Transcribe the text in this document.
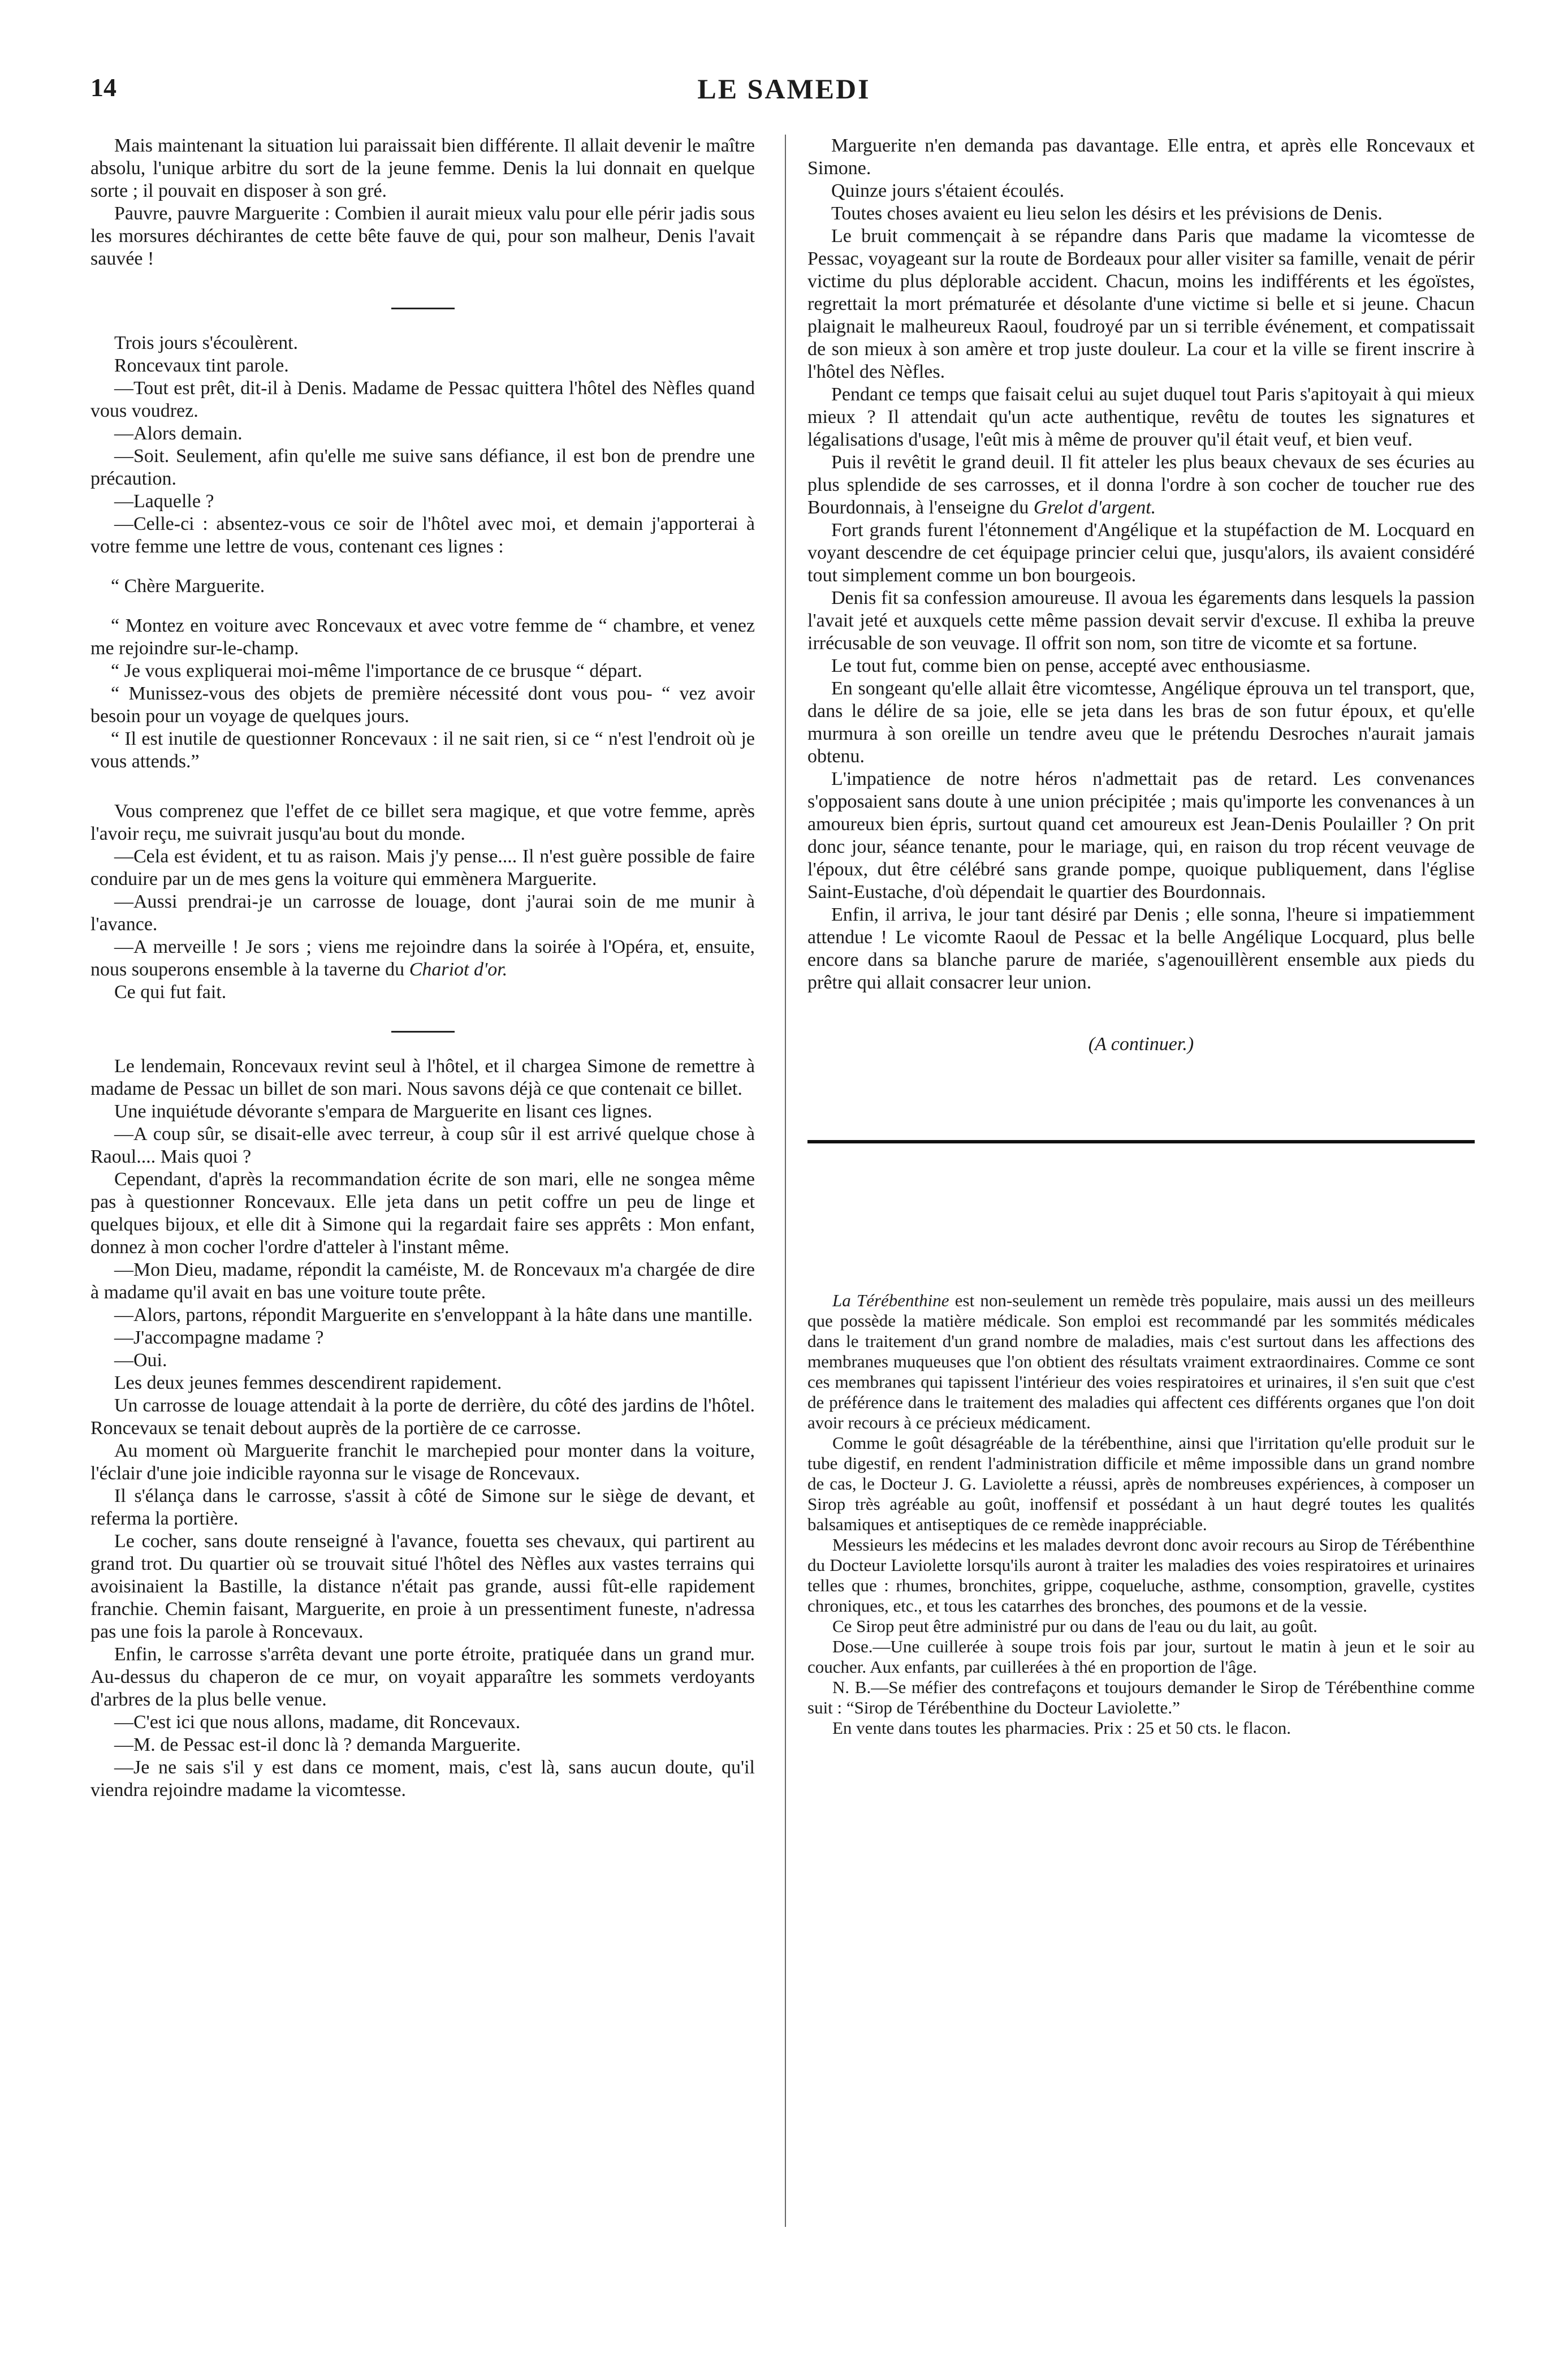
14	LE SAMEDI

Mais maintenant la situation lui paraissait bien différente. Il allait devenir le maître absolu, l'unique arbitre du sort de la jeune femme. Denis la lui donnait en quelque sorte ; il pouvait en disposer à son gré.

Pauvre, pauvre Marguerite : Combien il aurait mieux valu pour elle périr jadis sous les morsures déchirantes de cette bête fauve de qui, pour son malheur, Denis l'avait sauvée !

Trois jours s'écoulèrent.

Roncevaux tint parole.

—Tout est prêt, dit-il à Denis. Madame de Pessac quittera l'hôtel des Nèfles quand vous voudrez.

—Alors demain.

—Soit. Seulement, afin qu'elle me suive sans défiance, il est bon de prendre une précaution.

—Laquelle ?

—Celle-ci : absentez-vous ce soir de l'hôtel avec moi, et demain j'apporterai à votre femme une lettre de vous, contenant ces lignes :

“ Chère Marguerite.

“ Montez en voiture avec Roncevaux et avec votre femme de “ chambre, et venez me rejoindre sur-le-champ.

“ Je vous expliquerai moi-même l'importance de ce brusque “ départ.

“ Munissez-vous des objets de première nécessité dont vous pou- “ vez avoir besoin pour un voyage de quelques jours.

“ Il est inutile de questionner Roncevaux : il ne sait rien, si ce “ n'est l'endroit où je vous attends.”

Vous comprenez que l'effet de ce billet sera magique, et que votre femme, après l'avoir reçu, me suivrait jusqu'au bout du monde.

—Cela est évident, et tu as raison. Mais j'y pense.... Il n'est guère possible de faire conduire par un de mes gens la voiture qui emmènera Marguerite.

—Aussi prendrai-je un carrosse de louage, dont j'aurai soin de me munir à l'avance.

—A merveille ! Je sors ; viens me rejoindre dans la soirée à l'Opéra, et, ensuite, nous souperons ensemble à la taverne du Chariot d'or.

Ce qui fut fait.

Le lendemain, Roncevaux revint seul à l'hôtel, et il chargea Simone de remettre à madame de Pessac un billet de son mari. Nous savons déjà ce que contenait ce billet.

Une inquiétude dévorante s'empara de Marguerite en lisant ces lignes.

—A coup sûr, se disait-elle avec terreur, à coup sûr il est arrivé quelque chose à Raoul.... Mais quoi ?

Cependant, d'après la recommandation écrite de son mari, elle ne songea même pas à questionner Roncevaux. Elle jeta dans un petit coffre un peu de linge et quelques bijoux, et elle dit à Simone qui la regardait faire ses apprêts : Mon enfant, donnez à mon cocher l'ordre d'atteler à l'instant même.

—Mon Dieu, madame, répondit la caméiste, M. de Roncevaux m'a chargée de dire à madame qu'il avait en bas une voiture toute prête.

—Alors, partons, répondit Marguerite en s'enveloppant à la hâte dans une mantille.

—J'accompagne madame ?

—Oui.

Les deux jeunes femmes descendirent rapidement.

Un carrosse de louage attendait à la porte de derrière, du côté des jardins de l'hôtel. Roncevaux se tenait debout auprès de la portière de ce carrosse.

Au moment où Marguerite franchit le marchepied pour monter dans la voiture, l'éclair d'une joie indicible rayonna sur le visage de Roncevaux.

Il s'élança dans le carrosse, s'assit à côté de Simone sur le siège de devant, et referma la portière.

Le cocher, sans doute renseigné à l'avance, fouetta ses chevaux, qui partirent au grand trot. Du quartier où se trouvait situé l'hôtel des Nèfles aux vastes terrains qui avoisinaient la Bastille, la distance n'était pas grande, aussi fût-elle rapidement franchie. Chemin faisant, Marguerite, en proie à un pressentiment funeste, n'adressa pas une fois la parole à Roncevaux.

Enfin, le carrosse s'arrêta devant une porte étroite, pratiquée dans un grand mur. Au-dessus du chaperon de ce mur, on voyait apparaître les sommets verdoyants d'arbres de la plus belle venue.

—C'est ici que nous allons, madame, dit Roncevaux.

—M. de Pessac est-il donc là ? demanda Marguerite.

—Je ne sais s'il y est dans ce moment, mais, c'est là, sans aucun doute, qu'il viendra rejoindre madame la vicomtesse.

Marguerite n'en demanda pas davantage. Elle entra, et après elle Roncevaux et Simone.

Quinze jours s'étaient écoulés.

Toutes choses avaient eu lieu selon les désirs et les prévisions de Denis.

Le bruit commençait à se répandre dans Paris que madame la vicomtesse de Pessac, voyageant sur la route de Bordeaux pour aller visiter sa famille, venait de périr victime du plus déplorable accident. Chacun, moins les indifférents et les égoïstes, regrettait la mort prématurée et désolante d'une victime si belle et si jeune. Chacun plaignait le malheureux Raoul, foudroyé par un si terrible événement, et compatissait de son mieux à son amère et trop juste douleur. La cour et la ville se firent inscrire à l'hôtel des Nèfles.

Pendant ce temps que faisait celui au sujet duquel tout Paris s'apitoyait à qui mieux mieux ? Il attendait qu'un acte authentique, revêtu de toutes les signatures et légalisations d'usage, l'eût mis à même de prouver qu'il était veuf, et bien veuf.

Puis il revêtit le grand deuil. Il fit atteler les plus beaux chevaux de ses écuries au plus splendide de ses carrosses, et il donna l'ordre à son cocher de toucher rue des Bourdonnais, à l'enseigne du Grelot d'argent.

Fort grands furent l'étonnement d'Angélique et la stupéfaction de M. Locquard en voyant descendre de cet équipage princier celui que, jusqu'alors, ils avaient considéré tout simplement comme un bon bourgeois.

Denis fit sa confession amoureuse. Il avoua les égarements dans lesquels la passion l'avait jeté et auxquels cette même passion devait servir d'excuse. Il exhiba la preuve irrécusable de son veuvage. Il offrit son nom, son titre de vicomte et sa fortune.

Le tout fut, comme bien on pense, accepté avec enthousiasme.

En songeant qu'elle allait être vicomtesse, Angélique éprouva un tel transport, que, dans le délire de sa joie, elle se jeta dans les bras de son futur époux, et qu'elle murmura à son oreille un tendre aveu que le prétendu Desroches n'aurait jamais obtenu.

L'impatience de notre héros n'admettait pas de retard. Les convenances s'opposaient sans doute à une union précipitée ; mais qu'importe les convenances à un amoureux bien épris, surtout quand cet amoureux est Jean-Denis Poulailler ? On prit donc jour, séance tenante, pour le mariage, qui, en raison du trop récent veuvage de l'époux, dut être célébré sans grande pompe, quoique publiquement, dans l'église Saint-Eustache, d'où dépendait le quartier des Bourdonnais.

Enfin, il arriva, le jour tant désiré par Denis ; elle sonna, l'heure si impatiemment attendue ! Le vicomte Raoul de Pessac et la belle Angélique Locquard, plus belle encore dans sa blanche parure de mariée, s'agenouillèrent ensemble aux pieds du prêtre qui allait consacrer leur union.

(A continuer.)

La Térébenthine est non-seulement un remède très populaire, mais aussi un des meilleurs que possède la matière médicale. Son emploi est recommandé par les sommités médicales dans le traitement d'un grand nombre de maladies, mais c'est surtout dans les affections des membranes muqueuses que l'on obtient des résultats vraiment extraordinaires. Comme ce sont ces membranes qui tapissent l'intérieur des voies respiratoires et urinaires, il s'en suit que c'est de préférence dans le traitement des maladies qui affectent ces différents organes que l'on doit avoir recours à ce précieux médicament.

Comme le goût désagréable de la térébenthine, ainsi que l'irritation qu'elle produit sur le tube digestif, en rendent l'administration difficile et même impossible dans un grand nombre de cas, le Docteur J. G. Laviolette a réussi, après de nombreuses expériences, à composer un Sirop très agréable au goût, inoffensif et possédant à un haut degré toutes les qualités balsamiques et antiseptiques de ce remède inappréciable.

Messieurs les médecins et les malades devront donc avoir recours au Sirop de Térébenthine du Docteur Laviolette lorsqu'ils auront à traiter les maladies des voies respiratoires et urinaires telles que : rhumes, bronchites, grippe, coqueluche, asthme, consomption, gravelle, cystites chroniques, etc., et tous les catarrhes des bronches, des poumons et de la vessie.

Ce Sirop peut être administré pur ou dans de l'eau ou du lait, au goût.

Dose.—Une cuillerée à soupe trois fois par jour, surtout le matin à jeun et le soir au coucher. Aux enfants, par cuillerées à thé en proportion de l'âge.

N. B.—Se méfier des contrefaçons et toujours demander le Sirop de Térébenthine comme suit : “Sirop de Térébenthine du Docteur Laviolette.”

En vente dans toutes les pharmacies. Prix : 25 et 50 cts. le flacon.
